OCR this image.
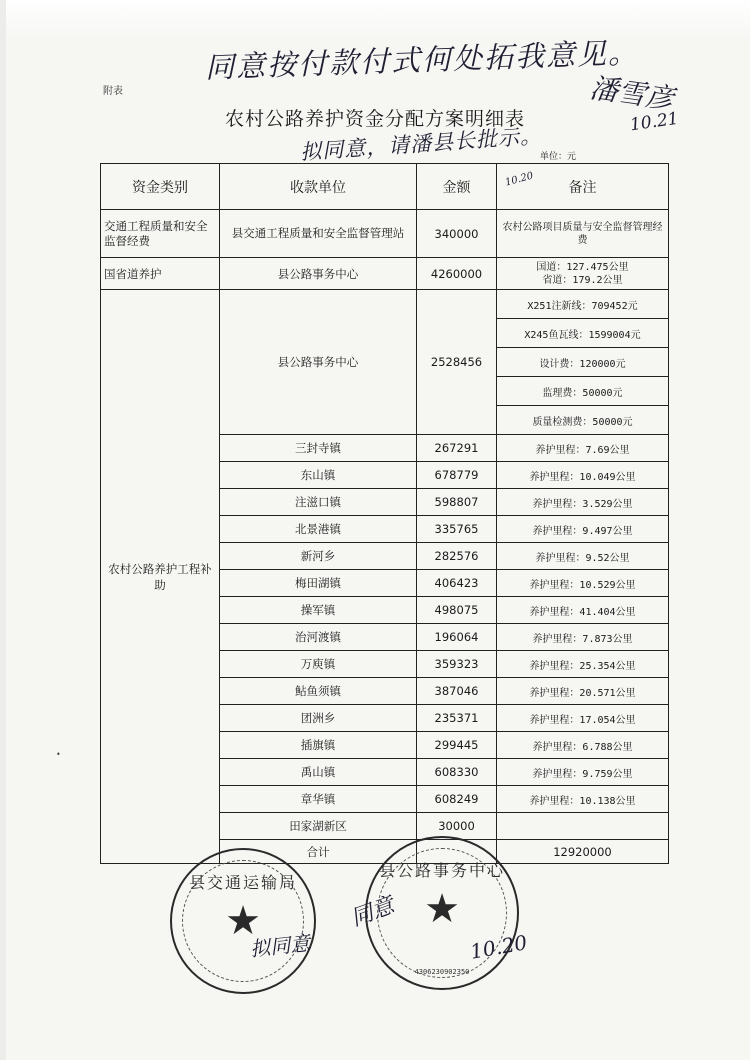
附表
同意按付款付式何处拓我意见。
潘雪彦
10.21
农村公路养护资金分配方案明细表
拟同意，请潘县长批示。
单位：元
10.20
资金类别	收款单位	金额	备注	
交通工程质量和安全监督经费	县交通工程质量和安全监督管理站	340000	农村公路项目质量与安全监督管理经费	
国省道养护	县公路事务中心	4260000	国道：127.475公里
省道：179.2公里	

农村公路养护工程补助	县公路事务中心	2528456	X251注新线：709452元	
			X245鱼瓦线：1599004元	
			设计费：120000元	
			监理费：50000元	
			质量检测费：50000元	
	三封寺镇	267291	养护里程：7.69公里	
	东山镇	678779	养护里程：10.049公里	
	注滋口镇	598807	养护里程：3.529公里	
	北景港镇	335765	养护里程：9.497公里	
	新河乡	282576	养护里程：9.52公里	
	梅田湖镇	406423	养护里程：10.529公里	
	操军镇	498075	养护里程：41.404公里	
	治河渡镇	196064	养护里程：7.873公里	
	万庾镇	359323	养护里程：25.354公里	
	鲇鱼须镇	387046	养护里程：20.571公里	
	团洲乡	235371	养护里程：17.054公里	
	插旗镇	299445	养护里程：6.788公里	
	禹山镇	608330	养护里程：9.759公里	
	章华镇	608249	养护里程：10.138公里	
	田家湖新区	30000		
	合计		12920000	
县交通运输局
★
县公路事务中心
★
4306230902350
拟同意
同意
10.20
•
